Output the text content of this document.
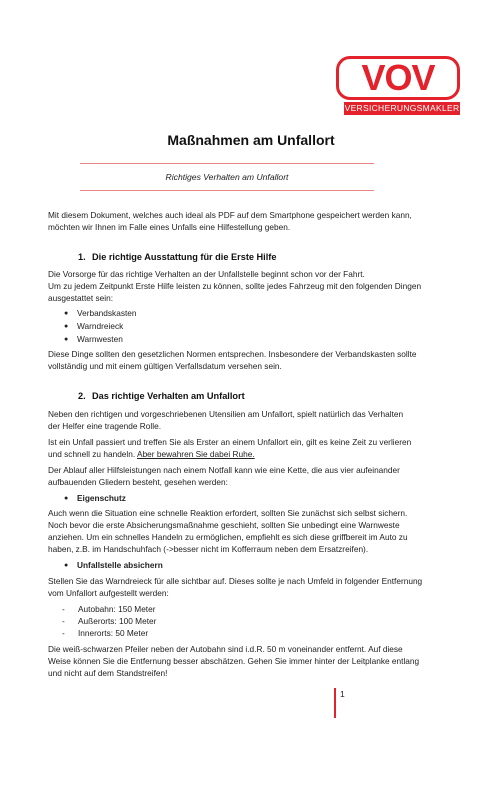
VOV
VERSICHERUNGSMAKLER
Maßnahmen am Unfallort
Richtiges Verhalten am Unfallort
Mit diesem Dokument, welches auch ideal als PDF auf dem Smartphone gespeichert werden kann,
möchten wir Ihnen im Falle eines Unfalls eine Hilfestellung geben.
1. Die richtige Ausstattung für die Erste Hilfe
Die Vorsorge für das richtige Verhalten an der Unfallstelle beginnt schon vor der Fahrt.
Um zu jedem Zeitpunkt Erste Hilfe leisten zu können, sollte jedes Fahrzeug mit den folgenden Dingen
ausgestattet sein:
● Verbandskasten
● Warndreieck
● Warnwesten
Diese Dinge sollten den gesetzlichen Normen entsprechen. Insbesondere der Verbandskasten sollte
vollständig und mit einem gültigen Verfallsdatum versehen sein.
2. Das richtige Verhalten am Unfallort
Neben den richtigen und vorgeschriebenen Utensilien am Unfallort, spielt natürlich das Verhalten
der Helfer eine tragende Rolle.
Ist ein Unfall passiert und treffen Sie als Erster an einem Unfallort ein, gilt es keine Zeit zu verlieren
und schnell zu handeln. Aber bewahren Sie dabei Ruhe.
Der Ablauf aller Hilfsleistungen nach einem Notfall kann wie eine Kette, die aus vier aufeinander
aufbauenden Gliedern besteht, gesehen werden:
● Eigenschutz
Auch wenn die Situation eine schnelle Reaktion erfordert, sollten Sie zunächst sich selbst sichern.
Noch bevor die erste Absicherungsmaßnahme geschieht, sollten Sie unbedingt eine Warnweste
anziehen. Um ein schnelles Handeln zu ermöglichen, empfiehlt es sich diese griffbereit im Auto zu
haben, z.B. im Handschuhfach (->besser nicht im Kofferraum neben dem Ersatzreifen).
● Unfallstelle absichern
Stellen Sie das Warndreieck für alle sichtbar auf. Dieses sollte je nach Umfeld in folgender Entfernung
vom Unfallort aufgestellt werden:
- Autobahn: 150 Meter
- Außerorts: 100 Meter
- Innerorts: 50 Meter
Die weiß-schwarzen Pfeiler neben der Autobahn sind i.d.R. 50 m voneinander entfernt. Auf diese
Weise können Sie die Entfernung besser abschätzen. Gehen Sie immer hinter der Leitplanke entlang
und nicht auf dem Standstreifen!
1
